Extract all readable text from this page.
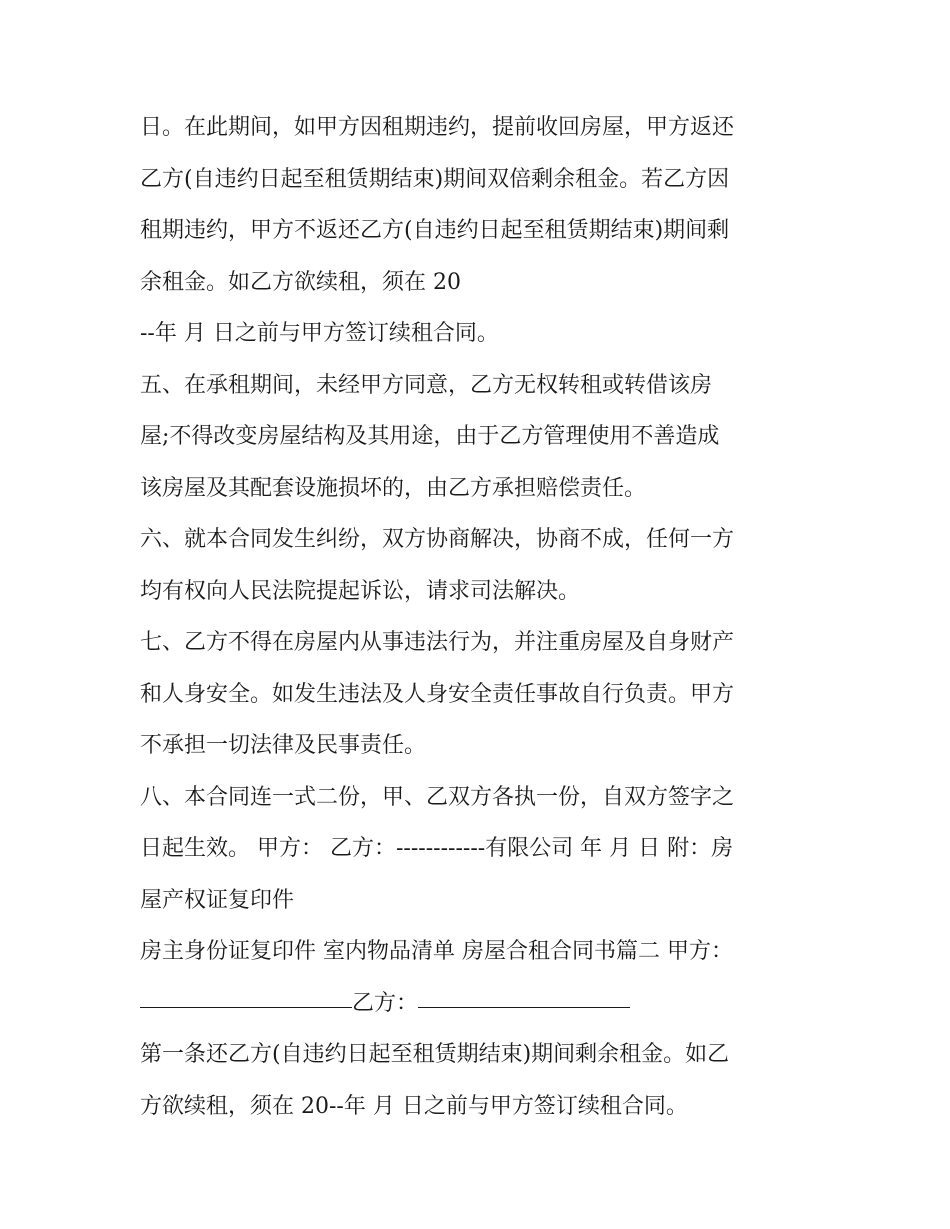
日。在此期间，如甲方因租期违约，提前收回房屋，甲方返还
乙方(自违约日起至租赁期结束)期间双倍剩余租金。若乙方因
租期违约，甲方不返还乙方(自违约日起至租赁期结束)期间剩
余租金。如乙方欲续租，须在 20
--年 月 日之前与甲方签订续租合同。
五、在承租期间，未经甲方同意，乙方无权转租或转借该房
屋;不得改变房屋结构及其用途，由于乙方管理使用不善造成
该房屋及其配套设施损坏的，由乙方承担赔偿责任。
六、就本合同发生纠纷，双方协商解决，协商不成，任何一方
均有权向人民法院提起诉讼，请求司法解决。
七、乙方不得在房屋内从事违法行为，并注重房屋及自身财产
和人身安全。如发生违法及人身安全责任事故自行负责。甲方
不承担一切法律及民事责任。
八、本合同连一式二份，甲、乙双方各执一份，自双方签字之
日起生效。 甲方： 乙方：------------有限公司 年 月 日 附：房
屋产权证复印件
房主身份证复印件 室内物品清单 房屋合租合同书篇二 甲方：
乙方：
第一条还乙方(自违约日起至租赁期结束)期间剩余租金。如乙
方欲续租，须在 20--年 月 日之前与甲方签订续租合同。
